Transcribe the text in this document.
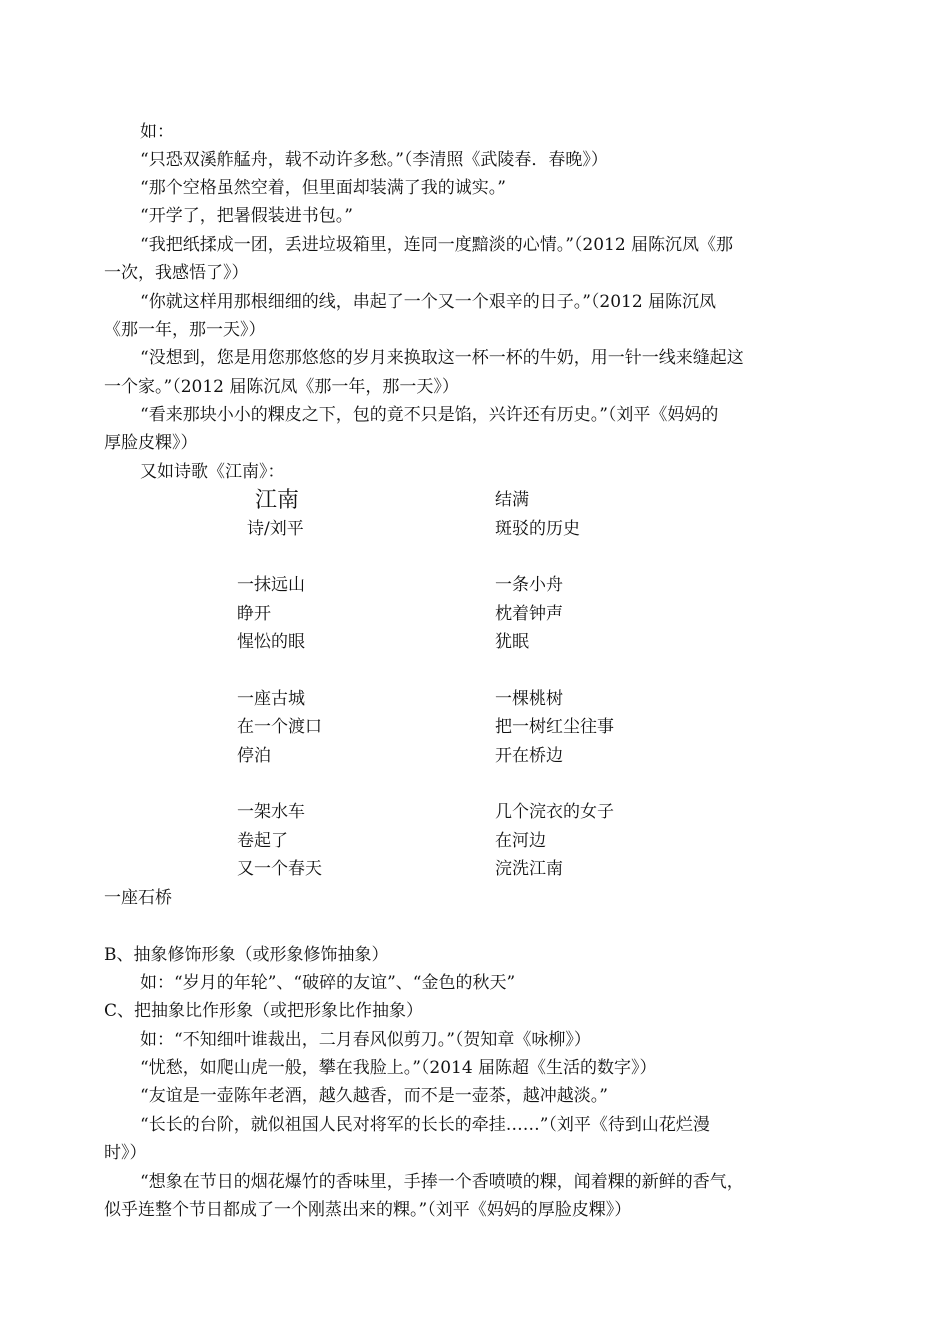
如：
“只恐双溪舴艋舟，载不动许多愁。”（李清照《武陵春．春晚》）
“那个空格虽然空着，但里面却装满了我的诚实。”
“开学了，把暑假装进书包。”
“我把纸揉成一团，丢进垃圾箱里，连同一度黯淡的心情。”（2012 届陈沉凤《那
一次，我感悟了》）
“你就这样用那根细细的线，串起了一个又一个艰辛的日子。”（2012 届陈沉凤
《那一年，那一天》）
“没想到，您是用您那悠悠的岁月来换取这一杯一杯的牛奶，用一针一线来缝起这
一个家。”（2012 届陈沉凤《那一年，那一天》）
“看来那块小小的粿皮之下，包的竟不只是馅，兴许还有历史。”（刘平《妈妈的
厚脸皮粿》）
又如诗歌《江南》：
江南
诗/刘平
一抹远山
睁开
惺忪的眼
一座古城
在一个渡口
停泊
一架水车
卷起了
又一个春天
一座石桥
结满
斑驳的历史
一条小舟
枕着钟声
犹眠
一棵桃树
把一树红尘往事
开在桥边
几个浣衣的女子
在河边
浣洗江南
B、抽象修饰形象（或形象修饰抽象）
如：“岁月的年轮”、“破碎的友谊”、“金色的秋天”
C、把抽象比作形象（或把形象比作抽象）
如：“不知细叶谁裁出，二月春风似剪刀。”（贺知章《咏柳》）
“忧愁，如爬山虎一般，攀在我脸上。”（2014 届陈超《生活的数字》）
“友谊是一壶陈年老酒，越久越香，而不是一壶茶，越冲越淡。”
“长长的台阶，就似祖国人民对将军的长长的牵挂……”（刘平《待到山花烂漫
时》）
“想象在节日的烟花爆竹的香味里，手捧一个香喷喷的粿，闻着粿的新鲜的香气，
似乎连整个节日都成了一个刚蒸出来的粿。”（刘平《妈妈的厚脸皮粿》）
